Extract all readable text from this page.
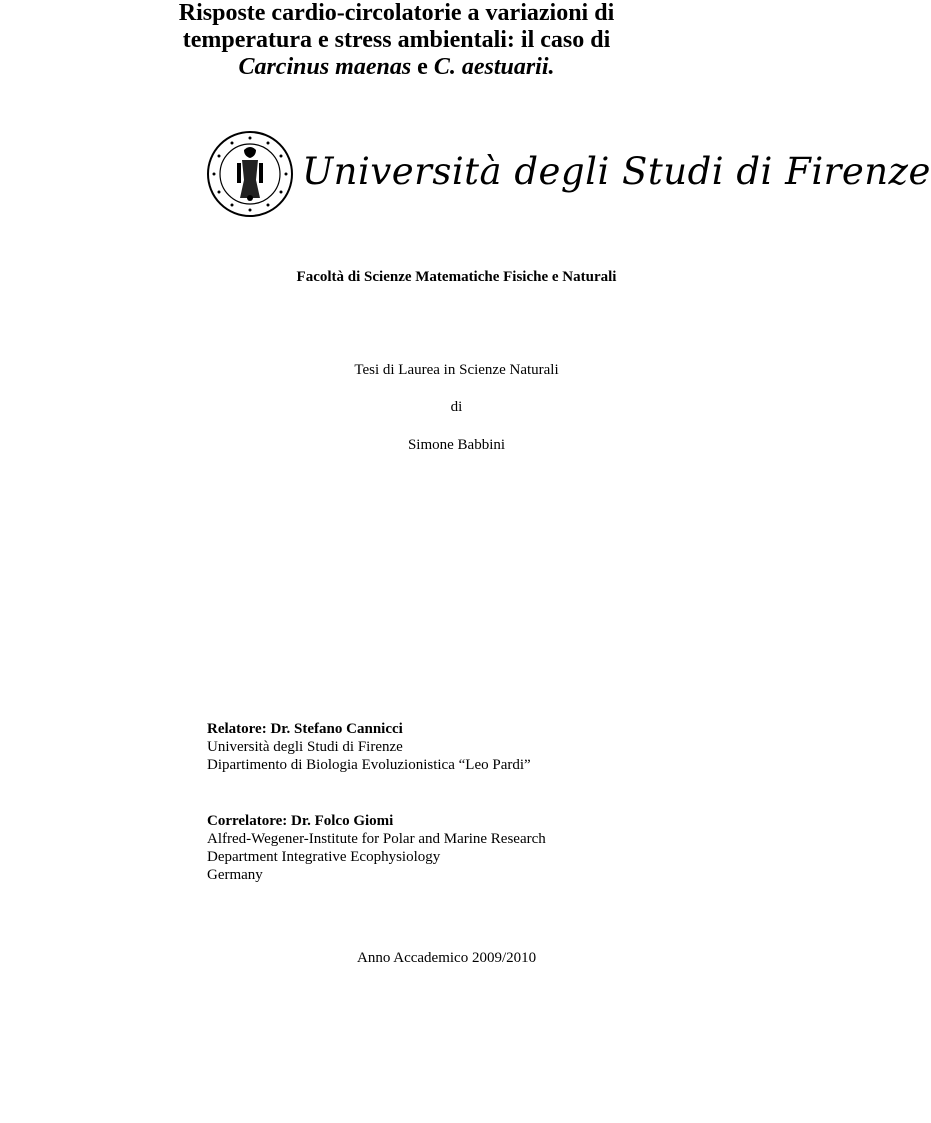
Università degli Studi di Firenze
Facoltà di Scienze Matematiche Fisiche e Naturali
Tesi di Laurea in Scienze Naturali
di
Simone Babbini
Risposte cardio-circolatorie a variazioni di
temperatura e stress ambientali: il caso di
Carcinus maenas e C. aestuarii.
Relatore: Dr. Stefano Cannicci
Università degli Studi di Firenze
Dipartimento di Biologia Evoluzionistica “Leo Pardi”
Correlatore: Dr. Folco Giomi
Alfred-Wegener-Institute for Polar and Marine Research
Department Integrative Ecophysiology
Germany
Anno Accademico 2009/2010
